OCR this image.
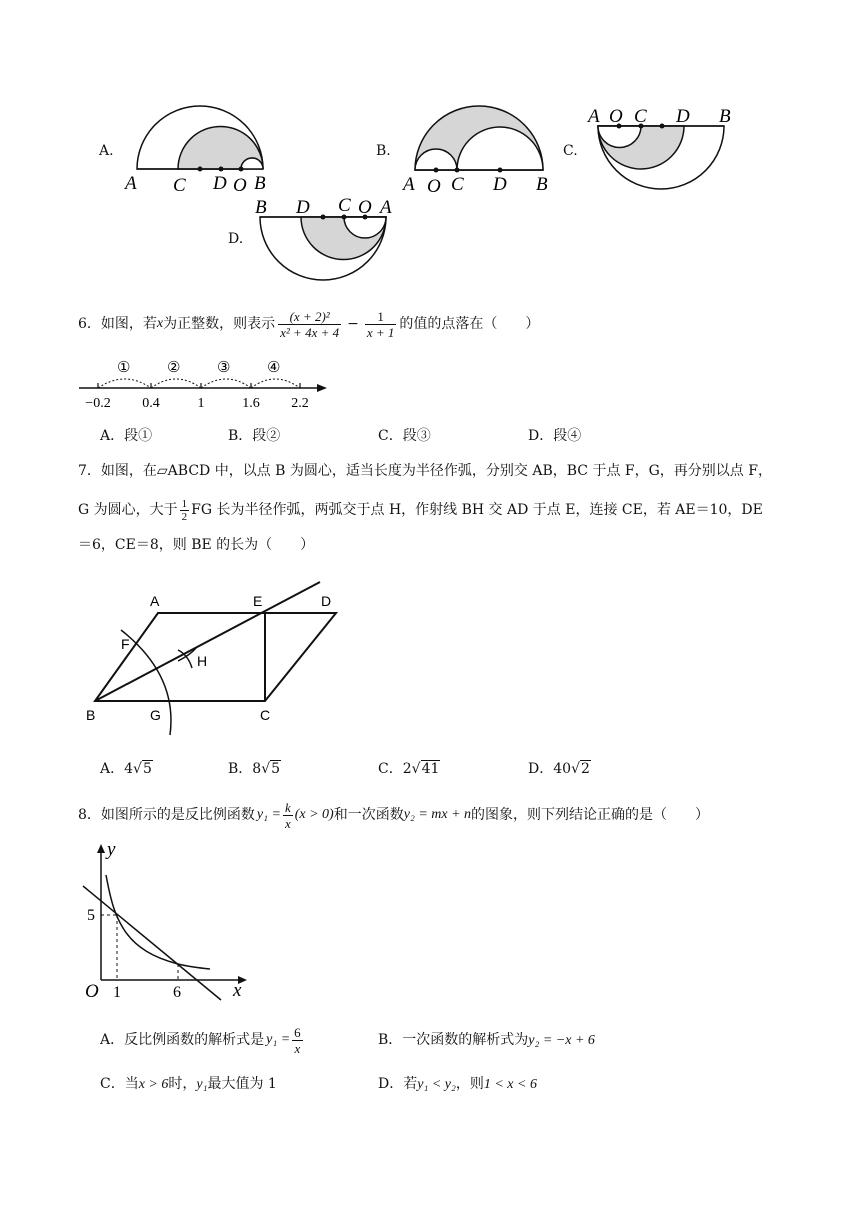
A.	B.	C.
D.
A C D O B	A O C D B
A O C D B
B D C O A
6．如图，若 x 为正整数，则表示 $\frac{\text{(x + 2)²}}{\text{x² + 4x + 4}} - \frac{1}{x + 1}$ 的值的点落在（　　）
① ② ③ ④
−0.2 0.4	1	1.6 2.2
A．段①	B．段②	C．段③	D．段④
7．如图，在▱ABCD 中，以点 B 为圆心，适当长度为半径作弧，分别交 AB，BC 于点 F，G，再分别以点 F，
G 为圆心，大于 $\frac{1}{2}$ FG 长为半径作弧，两弧交于点 H，作射线 BH 交 AD 于点 E，连接 CE，若 AE＝10，DE
＝6，CE＝8，则 BE 的长为（　　）
A	E	D
F
H
B	G	C
A．4√5	B．8√5	C．2√41	D．40√2
8．如图所示的是反比例函数 $y_1 = \frac{k}{x} (x > 0)$ 和一次函数 y₂ = mx + n 的图象，则下列结论正确的是（　　）
y
x
O
5
1	6
A．反比例函数的解析式是 $y_1 = \frac{6}{x}$	B．一次函数的解析式为y₂ = −x + 6
C．当x > 6时，y₁最大值为 1	D．若y₁ < y₂，则1 < x < 6
